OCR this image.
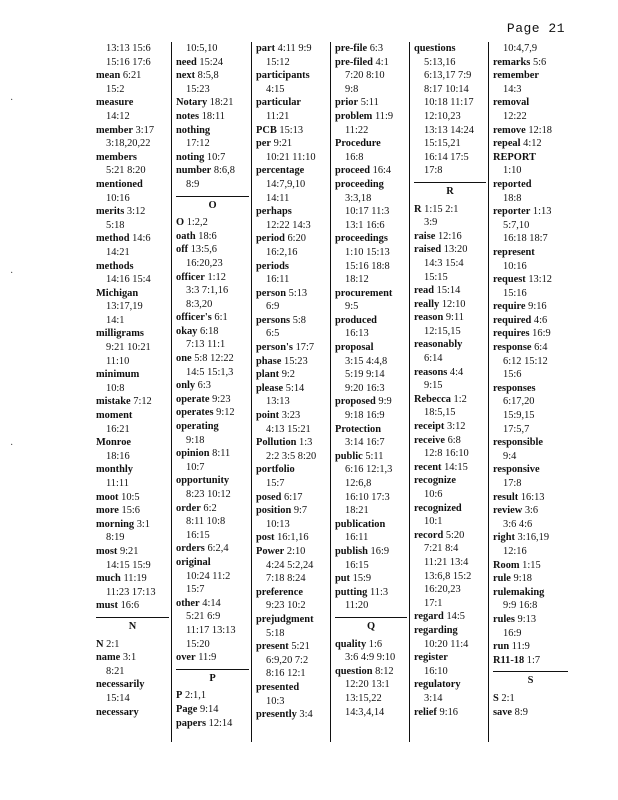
Page 21
·
·
·
13:13 15:6
15:16 17:6
mean 6:21
15:2
measure
14:12
member 3:17
3:18,20,22
members
5:21 8:20
mentioned
10:16
merits 3:12
5:18
method 14:6
14:21
methods
14:16 15:4
Michigan
13:17,19
14:1
milligrams
9:21 10:21
11:10
minimum
10:8
mistake 7:12
moment
16:21
Monroe
18:16
monthly
11:11
moot 10:5
more 15:6
morning 3:1
8:19
most 9:21
14:15 15:9
much 11:19
11:23 17:13
must 16:6
N
N 2:1
name 3:1
8:21
necessarily
15:14
necessary
10:5,10
need 15:24
next 8:5,8
15:23
Notary 18:21
notes 18:11
nothing
17:12
noting 10:7
number 8:6,8
8:9
O
O 1:2,2
oath 18:6
off 13:5,6
16:20,23
officer 1:12
3:3 7:1,16
8:3,20
officer's 6:1
okay 6:18
7:13 11:1
one 5:8 12:22
14:5 15:1,3
only 6:3
operate 9:23
operates 9:12
operating
9:18
opinion 8:11
10:7
opportunity
8:23 10:12
order 6:2
8:11 10:8
16:15
orders 6:2,4
original
10:24 11:2
15:7
other 4:14
5:21 6:9
11:17 13:13
15:20
over 11:9
P
P 2:1,1
Page 9:14
papers 12:14
part 4:11 9:9
15:12
participants
4:15
particular
11:21
PCB 15:13
per 9:21
10:21 11:10
percentage
14:7,9,10
14:11
perhaps
12:22 14:3
period 6:20
16:2,16
periods
16:11
person 5:13
6:9
persons 5:8
6:5
person's 17:7
phase 15:23
plant 9:2
please 5:14
13:13
point 3:23
4:13 15:21
Pollution 1:3
2:2 3:5 8:20
portfolio
15:7
posed 6:17
position 9:7
10:13
post 16:1,16
Power 2:10
4:24 5:2,24
7:18 8:24
preference
9:23 10:2
prejudgment
5:18
present 5:21
6:9,20 7:2
8:16 12:1
presented
10:3
presently 3:4
pre-file 6:3
pre-filed 4:1
7:20 8:10
9:8
prior 5:11
problem 11:9
11:22
Procedure
16:8
proceed 16:4
proceeding
3:3,18
10:17 11:3
13:1 16:6
proceedings
1:10 15:13
15:16 18:8
18:12
procurement
9:5
produced
16:13
proposal
3:15 4:4,8
5:19 9:14
9:20 16:3
proposed 9:9
9:18 16:9
Protection
3:14 16:7
public 5:11
6:16 12:1,3
12:6,8
16:10 17:3
18:21
publication
16:11
publish 16:9
16:15
put 15:9
putting 11:3
11:20
Q
quality 1:6
3:6 4:9 9:10
question 8:12
12:20 13:1
13:15,22
14:3,4,14
questions
5:13,16
6:13,17 7:9
8:17 10:14
10:18 11:17
12:10,23
13:13 14:24
15:15,21
16:14 17:5
17:8
R
R 1:15 2:1
3:9
raise 12:16
raised 13:20
14:3 15:4
15:15
read 15:14
really 12:10
reason 9:11
12:15,15
reasonably
6:14
reasons 4:4
9:15
Rebecca 1:2
18:5,15
receipt 3:12
receive 6:8
12:8 16:10
recent 14:15
recognize
10:6
recognized
10:1
record 5:20
7:21 8:4
11:21 13:4
13:6,8 15:2
16:20,23
17:1
regard 14:5
regarding
10:20 11:4
register
16:10
regulatory
3:14
relief 9:16
10:4,7,9
remarks 5:6
remember
14:3
removal
12:22
remove 12:18
repeal 4:12
REPORT
1:10
reported
18:8
reporter 1:13
5:7,10
16:18 18:7
represent
10:16
request 13:12
15:16
require 9:16
required 4:6
requires 16:9
response 6:4
6:12 15:12
15:6
responses
6:17,20
15:9,15
17:5,7
responsible
9:4
responsive
17:8
result 16:13
review 3:6
3:6 4:6
right 3:16,19
12:16
Room 1:15
rule 9:18
rulemaking
9:9 16:8
rules 9:13
16:9
run 11:9
R11-18 1:7
S
S 2:1
save 8:9
